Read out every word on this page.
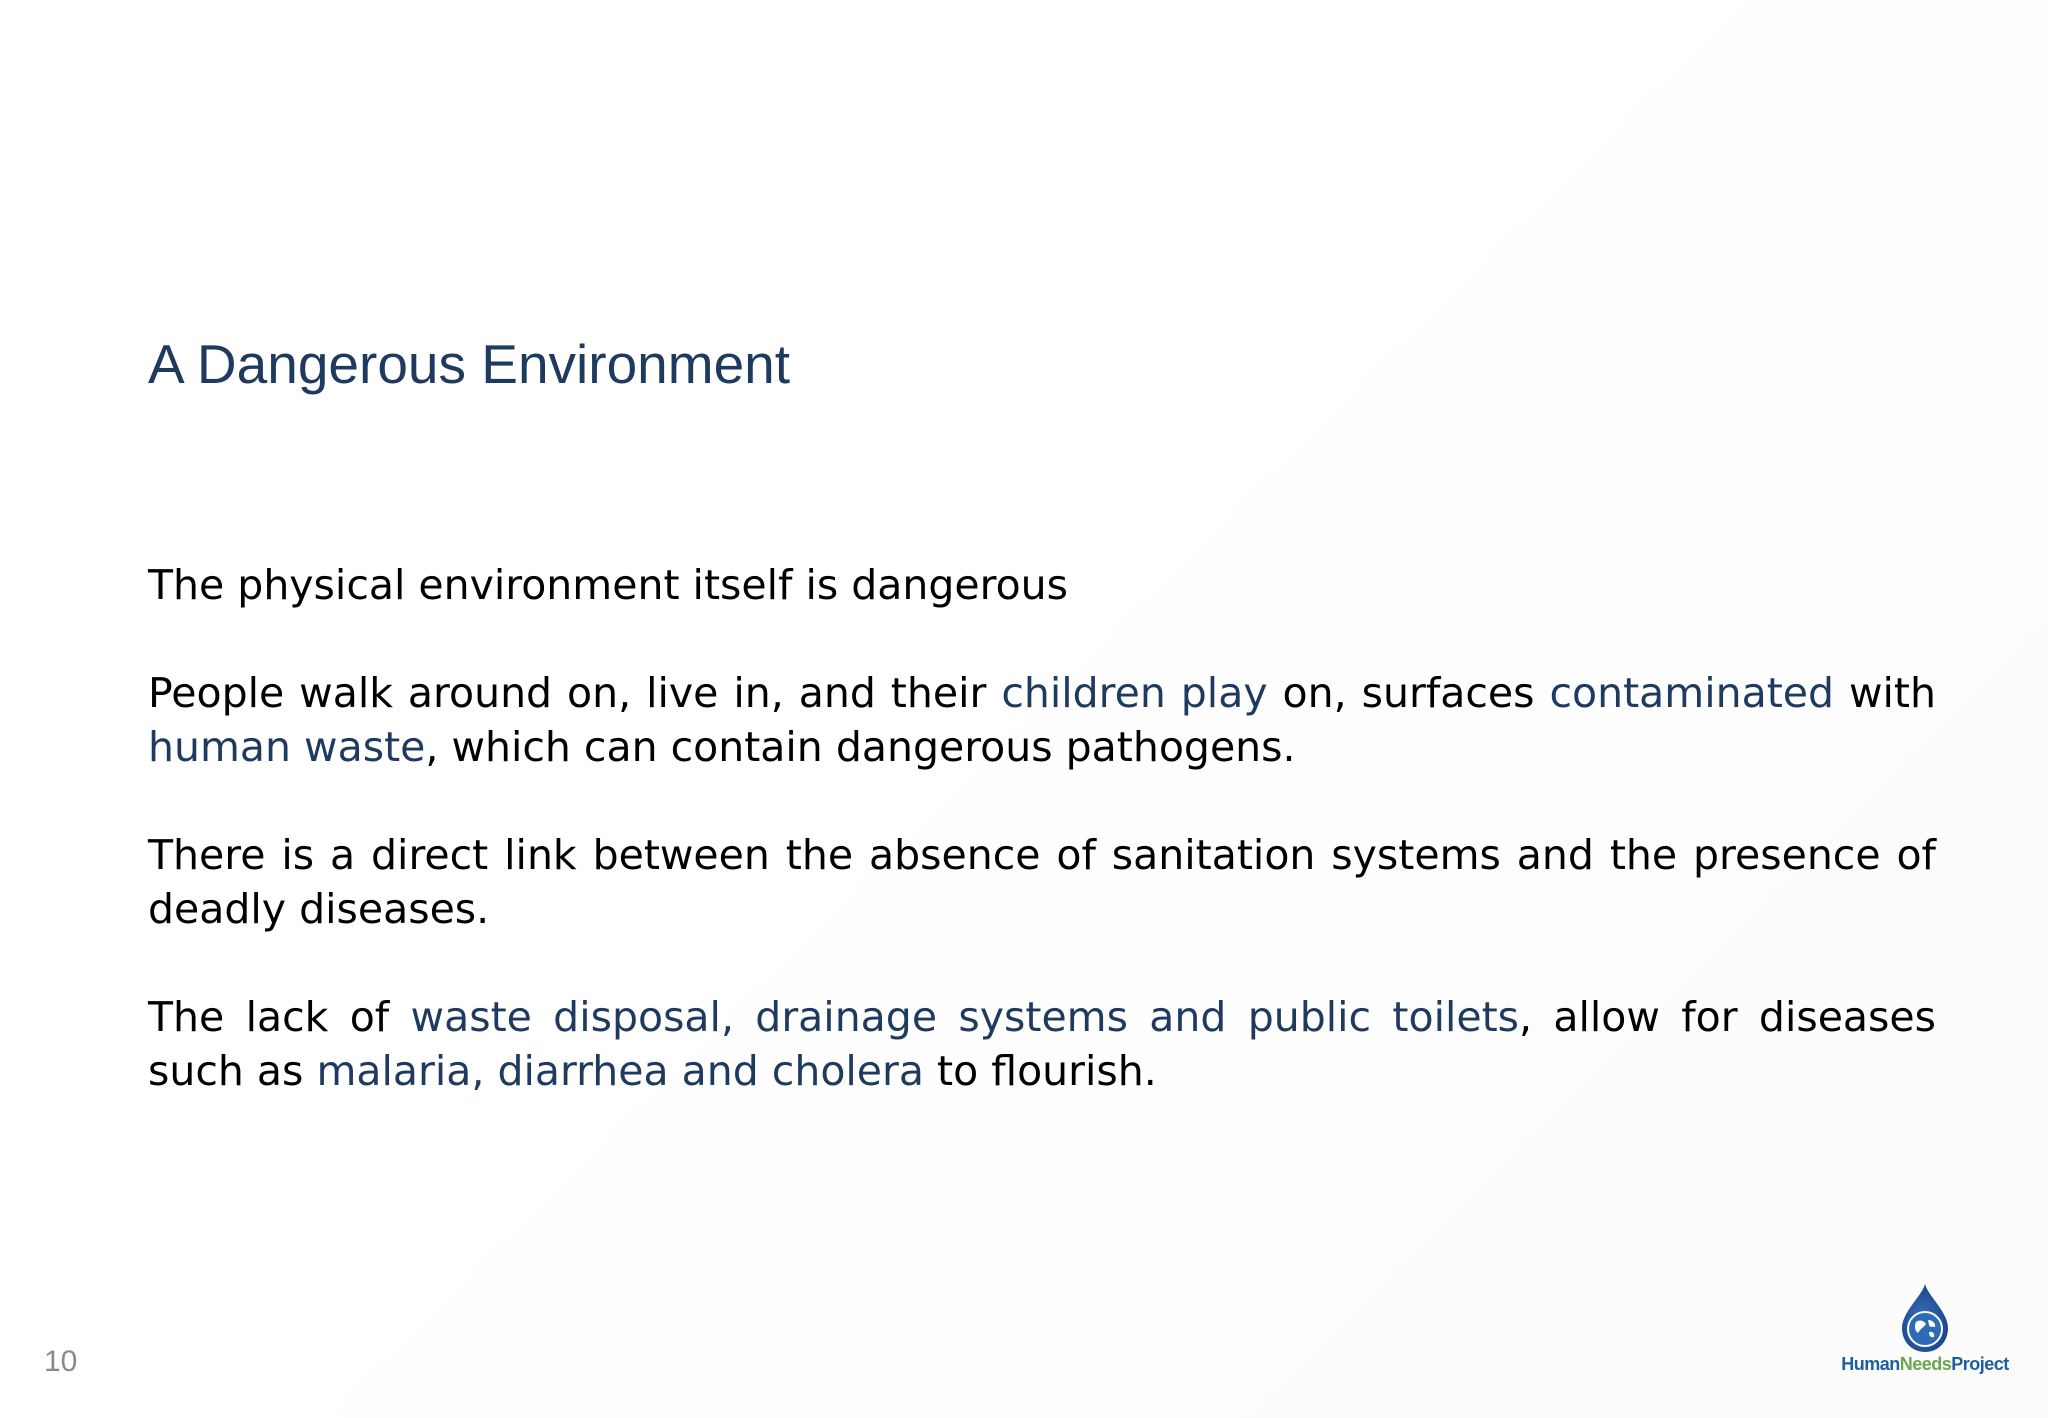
A Dangerous Environment

The physical environment itself is dangerous

People walk around on, live in, and their children play on, surfaces contaminated with human waste, which can contain dangerous pathogens.

There is a direct link between the absence of sanitation systems and the presence of deadly diseases.

The lack of waste disposal, drainage systems and public toilets, allow for diseases such as malaria, diarrhea and cholera to flourish.

10	HumanNeedsProject
